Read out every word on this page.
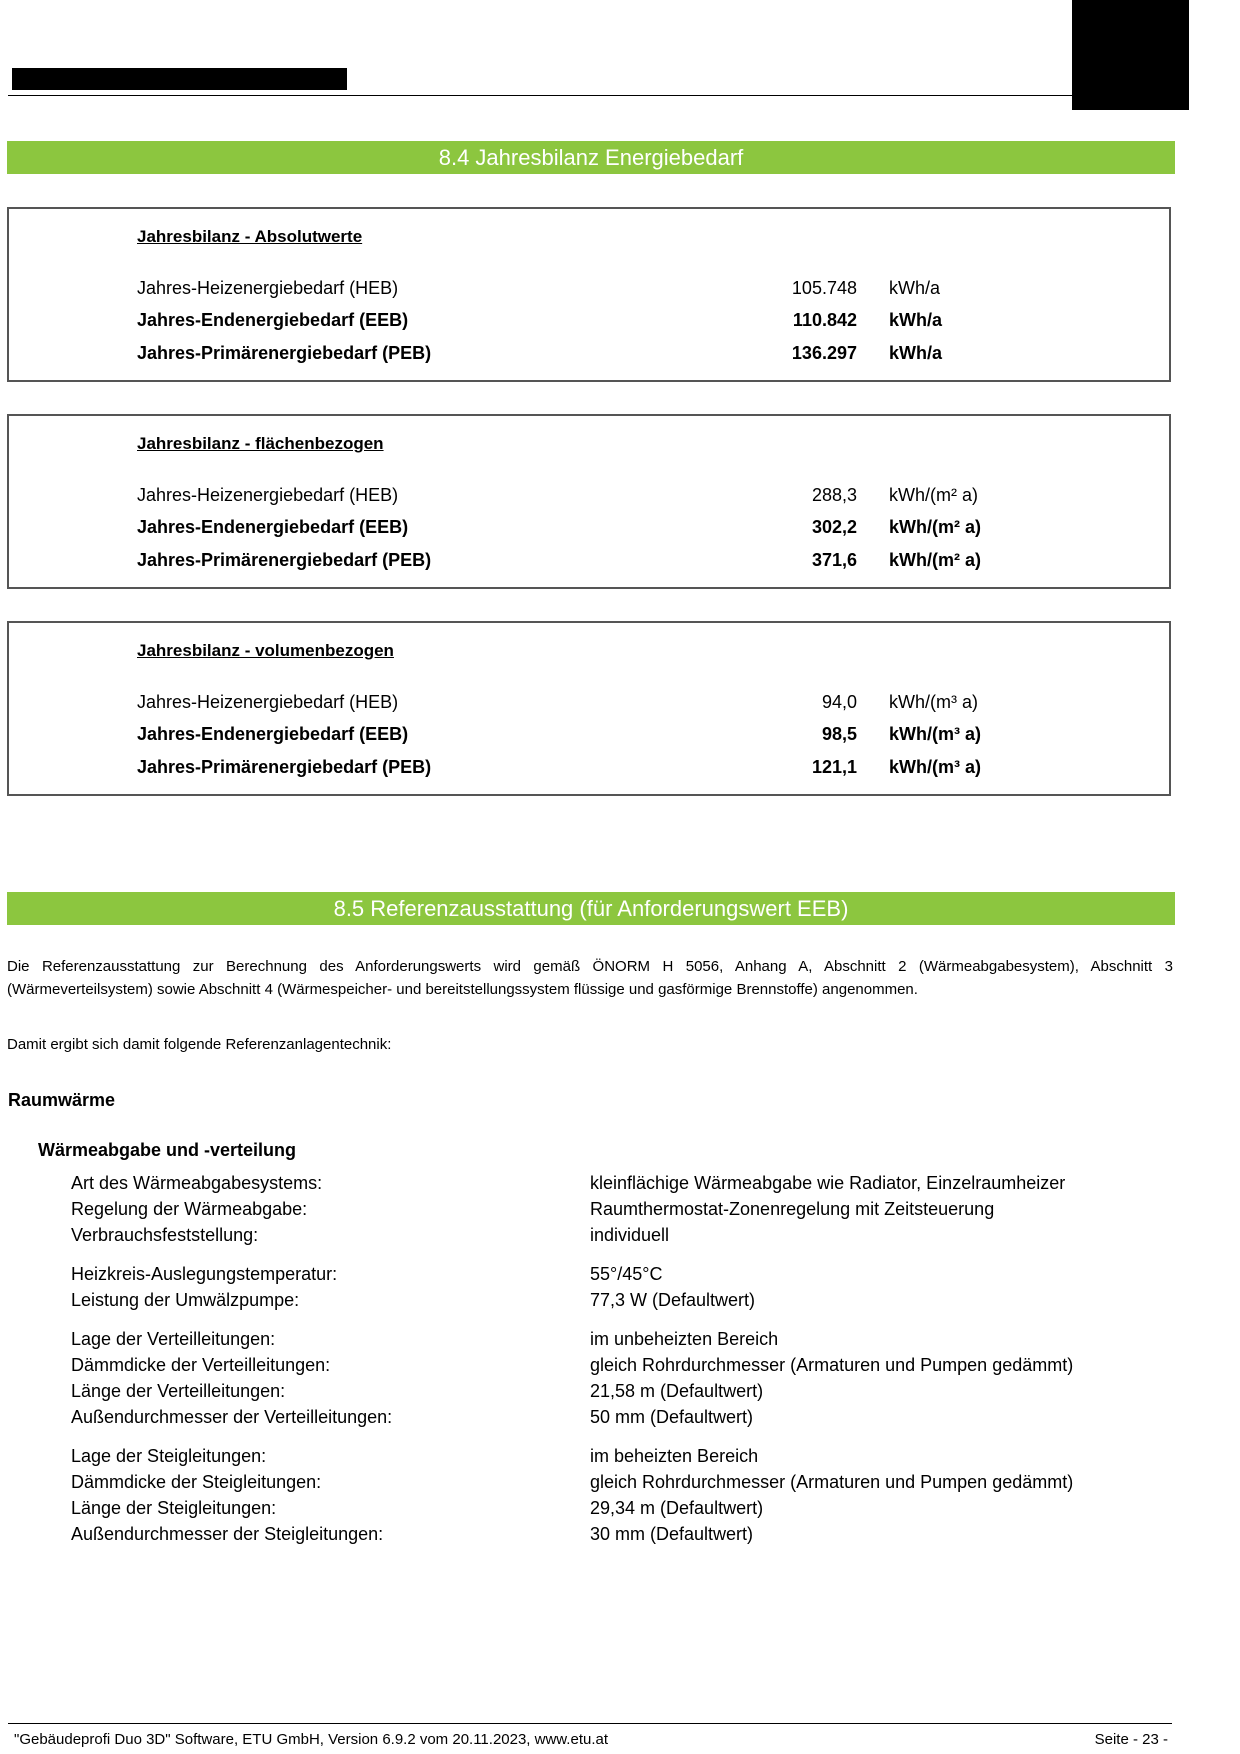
8.4 Jahresbilanz Energiebedarf
Jahresbilanz - Absolutwerte
Jahres-Heizenergiebedarf (HEB)	105.748 kWh/a
Jahres-Endenergiebedarf (EEB)	110.842 kWh/a
Jahres-Primärenergiebedarf (PEB)	136.297 kWh/a
Jahresbilanz - flächenbezogen
Jahres-Heizenergiebedarf (HEB)	288,3 kWh/(m² a)
Jahres-Endenergiebedarf (EEB)	302,2 kWh/(m² a)
Jahres-Primärenergiebedarf (PEB)	371,6 kWh/(m² a)
Jahresbilanz - volumenbezogen
Jahres-Heizenergiebedarf (HEB)	94,0 kWh/(m³ a)
Jahres-Endenergiebedarf (EEB)	98,5 kWh/(m³ a)
Jahres-Primärenergiebedarf (PEB)	121,1 kWh/(m³ a)
8.5 Referenzausstattung (für Anforderungswert EEB)
Die Referenzausstattung zur Berechnung des Anforderungswerts wird gemäß ÖNORM H 5056, Anhang A, Abschnitt 2 (Wärmeabgabesystem), Abschnitt 3 (Wärmeverteilsystem) sowie Abschnitt 4 (Wärmespeicher- und bereitstellungssystem flüssige und gasförmige Brennstoffe) angenommen.
Damit ergibt sich damit folgende Referenzanlagentechnik:
Raumwärme
Wärmeabgabe und -verteilung
Art des Wärmeabgabesystems:	kleinflächige Wärmeabgabe wie Radiator, Einzelraumheizer
Regelung der Wärmeabgabe:	Raumthermostat-Zonenregelung mit Zeitsteuerung
Verbrauchsfeststellung:	individuell
Heizkreis-Auslegungstemperatur:	55°/45°C
Leistung der Umwälzpumpe:	77,3 W (Defaultwert)
Lage der Verteilleitungen:	im unbeheizten Bereich
Dämmdicke der Verteilleitungen:	gleich Rohrdurchmesser (Armaturen und Pumpen gedämmt)
Länge der Verteilleitungen:	21,58 m (Defaultwert)
Außendurchmesser der Verteilleitungen:	50 mm (Defaultwert)
Lage der Steigleitungen:	im beheizten Bereich
Dämmdicke der Steigleitungen:	gleich Rohrdurchmesser (Armaturen und Pumpen gedämmt)
Länge der Steigleitungen:	29,34 m (Defaultwert)
Außendurchmesser der Steigleitungen:	30 mm (Defaultwert)
"Gebäudeprofi Duo 3D" Software, ETU GmbH, Version 6.9.2 vom 20.11.2023, www.etu.at	Seite - 23 -
